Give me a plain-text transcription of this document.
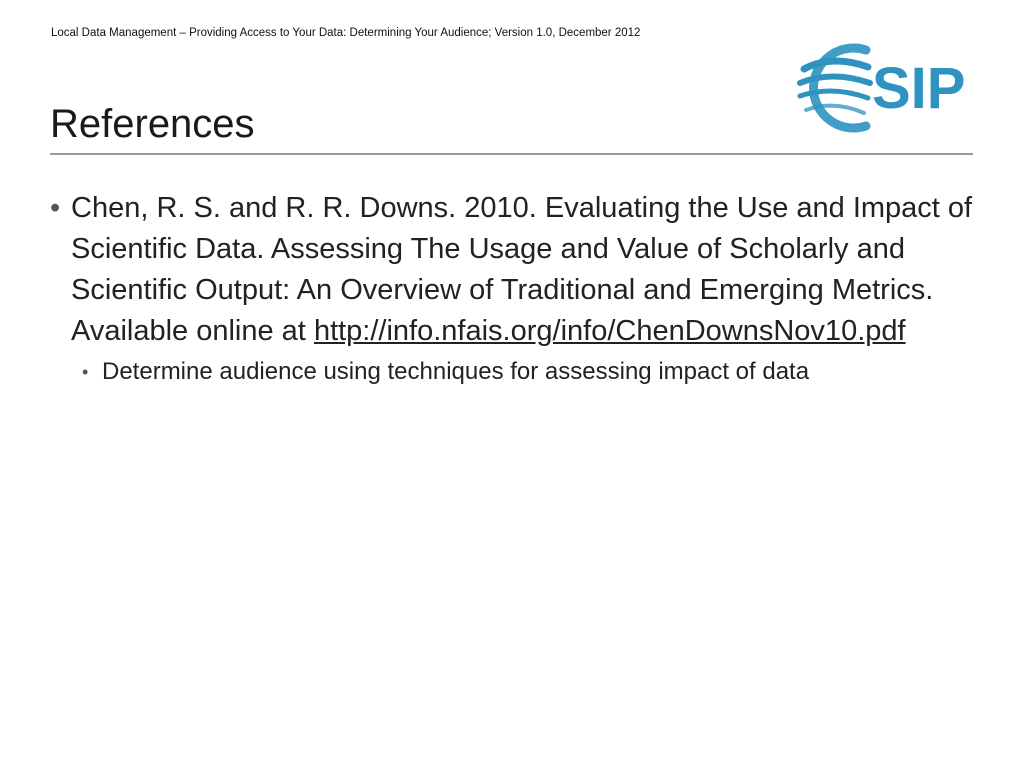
Local Data Management – Providing Access to Your Data: Determining Your Audience; Version 1.0, December 2012
SIP
References
• Chen, R. S. and R. R. Downs. 2010. Evaluating the Use and Impact of Scientific Data. Assessing The Usage and Value of Scholarly and Scientific Output: An Overview of Traditional and Emerging Metrics. Available online at http://info.nfais.org/info/ChenDownsNov10.pdf
• Determine audience using techniques for assessing impact of data
